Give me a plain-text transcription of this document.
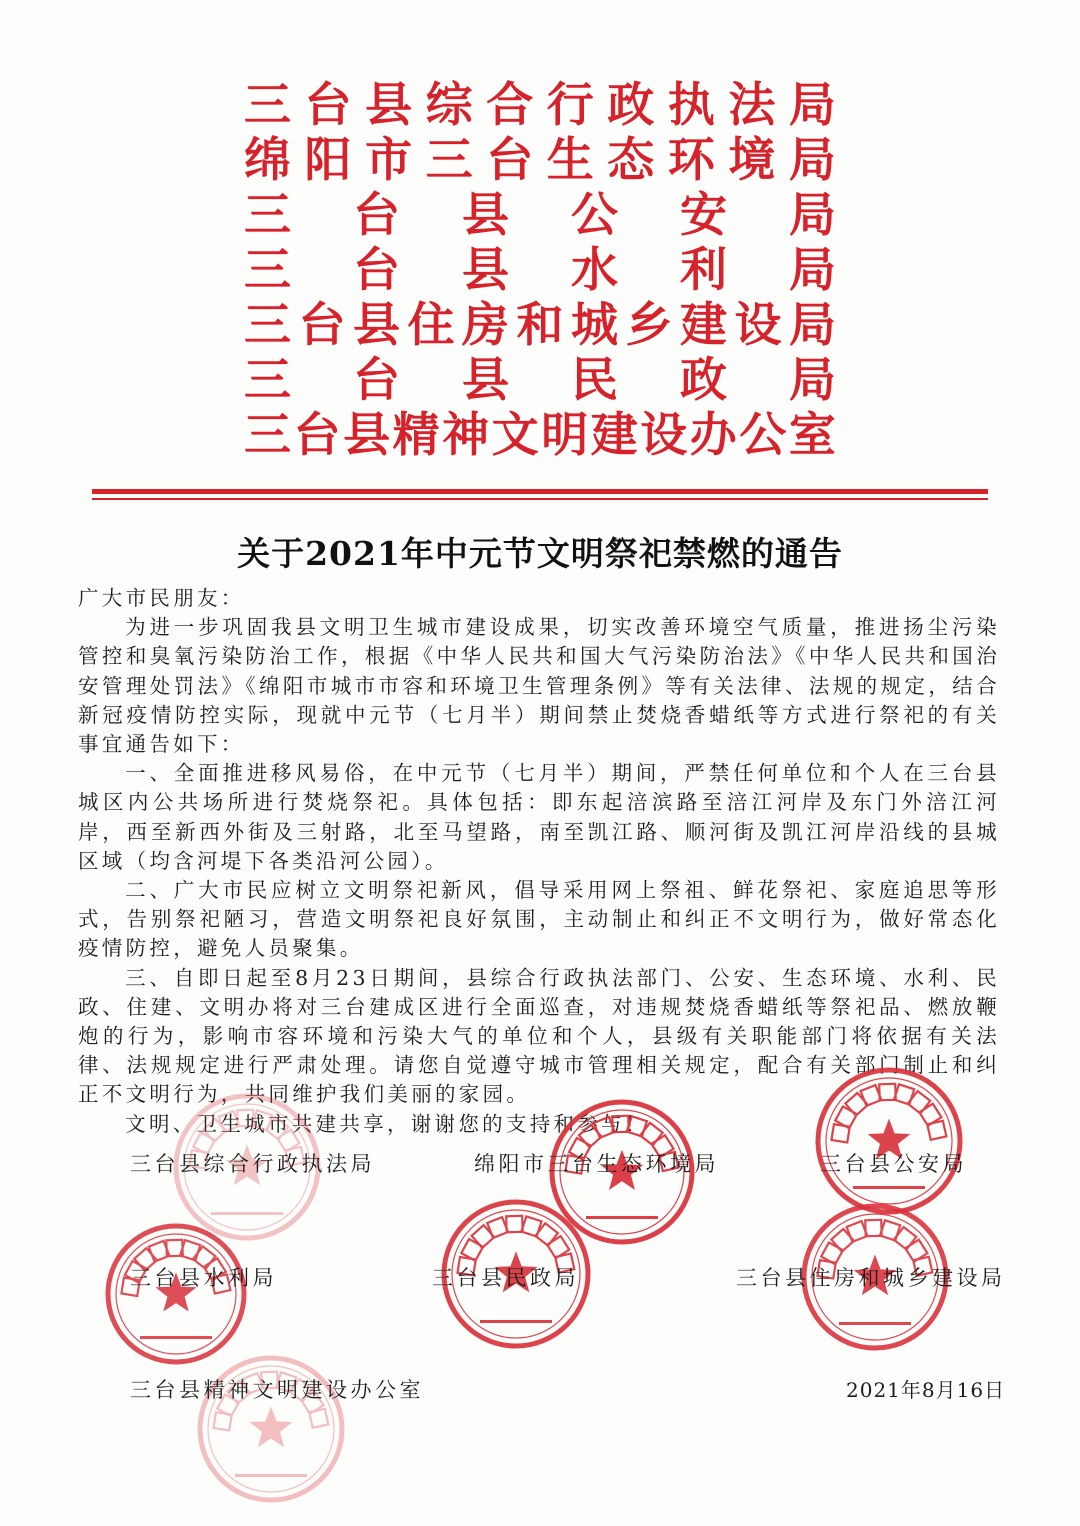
三 台 县 综 合 行 政 执 法 局
绵 阳 市 三 台 生 态 环 境 局
三 台 县 公 安 局
三 台 县 水 利 局
三 台 县 住 房 和 城 乡 建 设 局
三 台 县 民 政 局
三 台 县 精 神 文 明 建 设 办 公 室
关于2021年中元节文明祭祀禁燃的通告

广大市民朋友：

为进一步巩固我县文明卫生城市建设成果，切实改善环境空气质量，推进扬尘污染管控和臭氧污染防治工作，根据《中华人民共和国大气污染防治法》《中华人民共和国治安管理处罚法》《绵阳市城市市容和环境卫生管理条例》等有关法律、法规的规定，结合新冠疫情防控实际，现就中元节（七月半）期间禁止焚烧香蜡纸等方式进行祭祀的有关事宜通告如下：

一、全面推进移风易俗，在中元节（七月半）期间，严禁任何单位和个人在三台县城区内公共场所进行焚烧祭祀。具体包括：即东起涪滨路至涪江河岸及东门外涪江河岸，西至新西外街及三射路，北至马望路，南至凯江路、顺河街及凯江河岸沿线的县城区域（均含河堤下各类沿河公园）。

二、广大市民应树立文明祭祀新风，倡导采用网上祭祖、鲜花祭祀、家庭追思等形式，告别祭祀陋习，营造文明祭祀良好氛围，主动制止和纠正不文明行为，做好常态化疫情防控，避免人员聚集。

三、自即日起至8月23日期间，县综合行政执法部门、公安、生态环境、水利、民政、住建、文明办将对三台建成区进行全面巡查，对违规焚烧香蜡纸等祭祀品、燃放鞭炮的行为，影响市容环境和污染大气的单位和个人，县级有关职能部门将依据有关法律、法规规定进行严肃处理。请您自觉遵守城市管理相关规定，配合有关部门制止和纠正不文明行为，共同维护我们美丽的家园。

文明、卫生城市共建共享，谢谢您的支持和参与！

三台县综合行政执法局	绵阳市三台生态环境局	三台县公安局
三台县水利局	三台县民政局	三台县住房和城乡建设局
三台县精神文明建设办公室	2021年8月16日
